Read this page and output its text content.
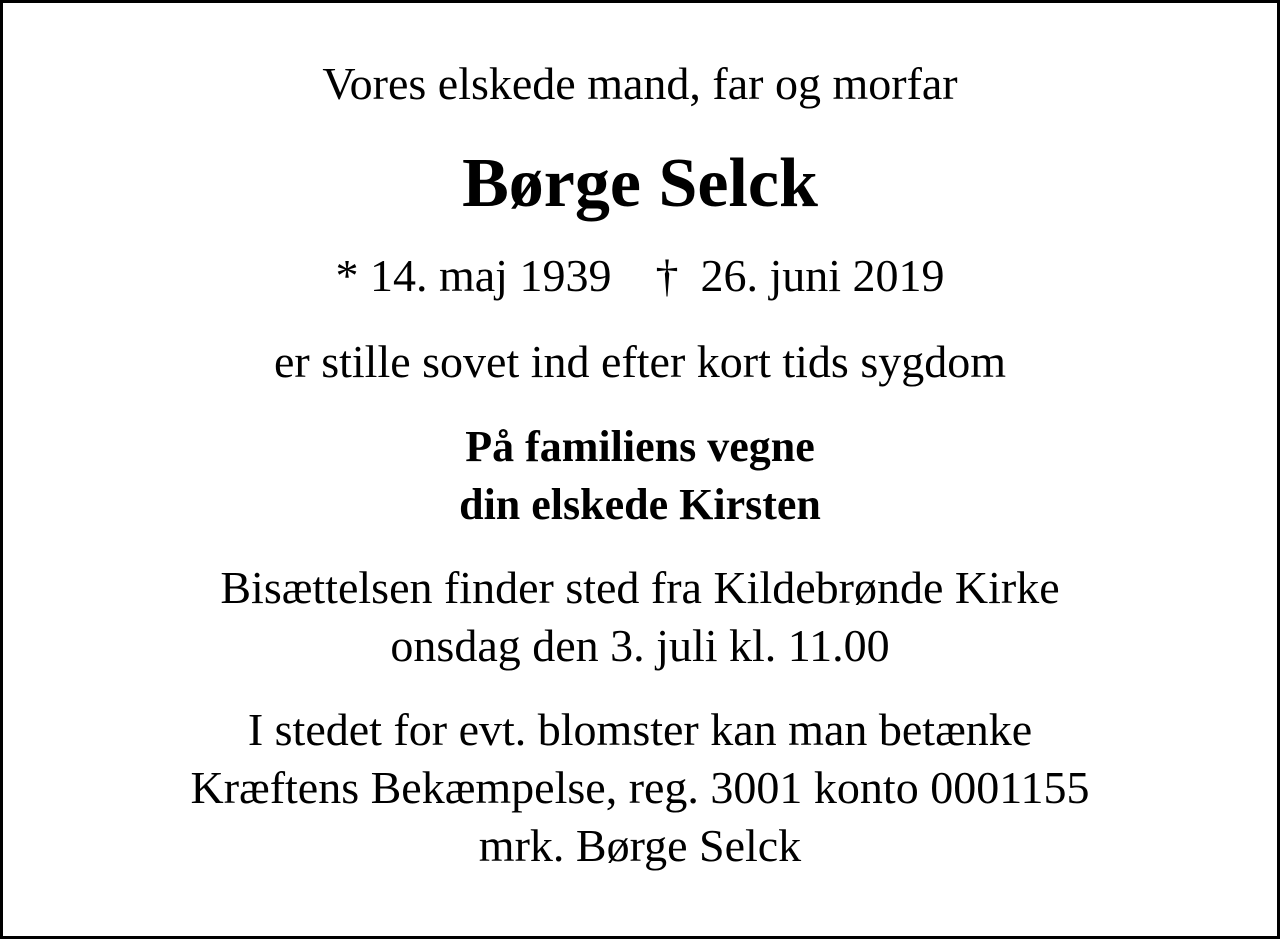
Vores elskede mand, far og morfar
Børge Selck
* 14. maj 1939 † 26. juni 2019
er stille sovet ind efter kort tids sygdom
På familiens vegne
din elskede Kirsten
Bisættelsen finder sted fra Kildebrønde Kirke
onsdag den 3. juli kl. 11.00
I stedet for evt. blomster kan man betænke
Kræftens Bekæmpelse, reg. 3001 konto 0001155
mrk. Børge Selck
